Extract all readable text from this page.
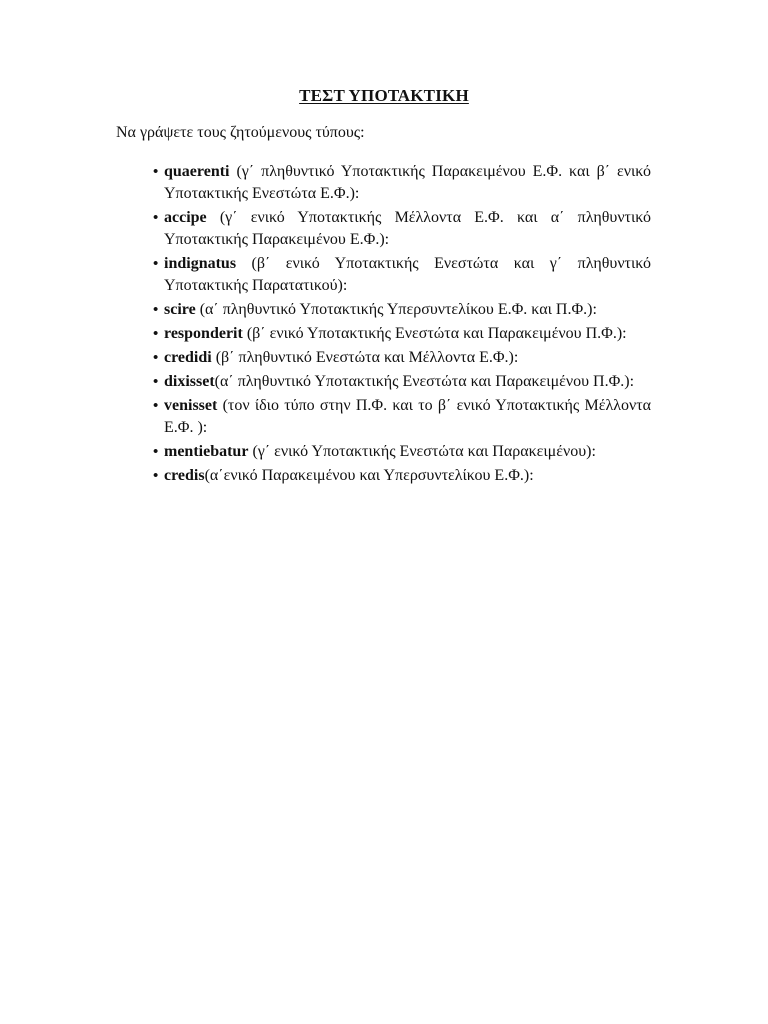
ΤΕΣΤ ΥΠΟΤΑΚΤΙΚΗ
Να γράψετε τους ζητούμενους τύπους:
• quaerenti (γ΄ πληθυντικό Υποτακτικής Παρακειμένου Ε.Φ. και β΄ ενικό Υποτακτικής Ενεστώτα Ε.Φ.):
• accipe (γ΄ ενικό Υποτακτικής Μέλλοντα Ε.Φ. και α΄ πληθυντικό Υποτακτικής Παρακειμένου Ε.Φ.):
• indignatus (β΄ ενικό Υποτακτικής Ενεστώτα και γ΄ πληθυντικό Υποτακτικής Παρατατικού):
• scire (α΄ πληθυντικό Υποτακτικής Υπερσυντελίκου Ε.Φ. και Π.Φ.):
• responderit (β΄ ενικό Υποτακτικής Ενεστώτα και Παρακειμένου Π.Φ.):
• credidi (β΄ πληθυντικό Ενεστώτα και Μέλλοντα Ε.Φ.):
• dixisset(α΄ πληθυντικό Υποτακτικής Ενεστώτα και Παρακειμένου Π.Φ.):
• venisset (τον ίδιο τύπο στην Π.Φ. και το β΄ ενικό Υποτακτικής Μέλλοντα Ε.Φ. ):
• mentiebatur (γ΄ ενικό Υποτακτικής Ενεστώτα και Παρακειμένου):
• credis(α΄ενικό Παρακειμένου και Υπερσυντελίκου Ε.Φ.):
